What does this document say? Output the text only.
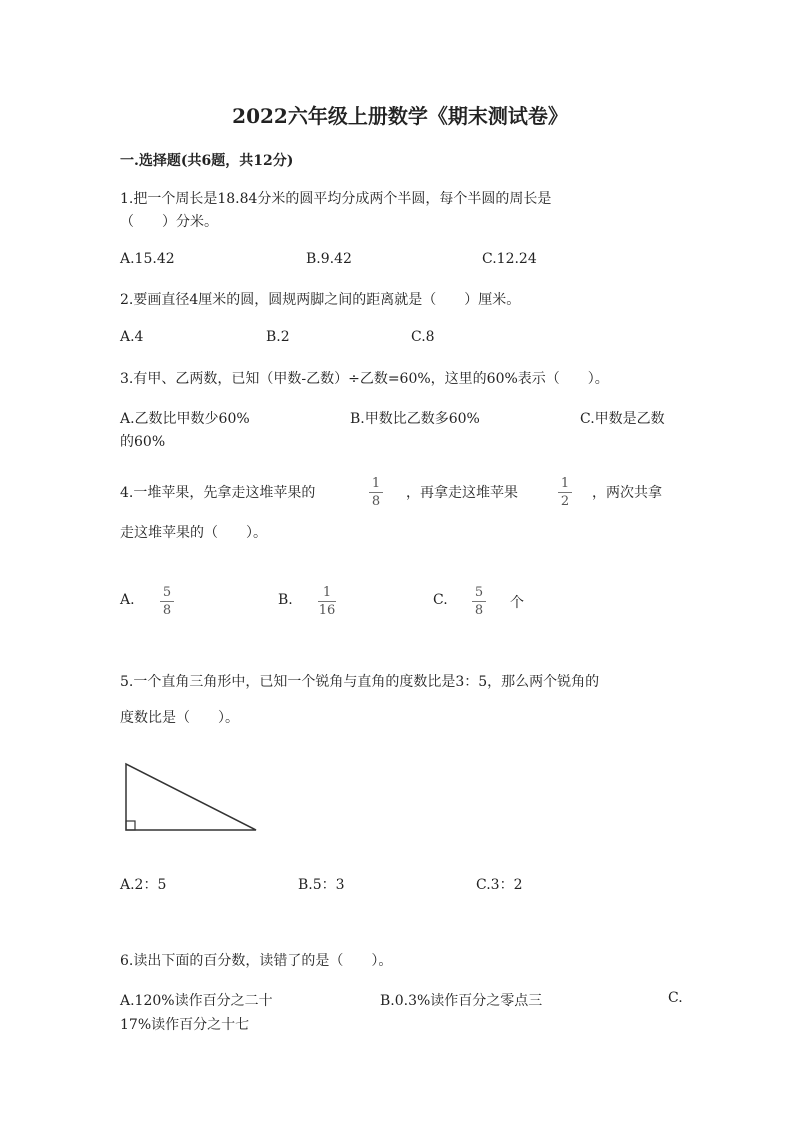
2022六年级上册数学《期末测试卷》
一.选择题(共6题，共12分)
1.把一个周长是18.84分米的圆平均分成两个半圆，每个半圆的周长是
（　　）分米。
A.15.42	B.9.42	C.12.24
2.要画直径4厘米的圆，圆规两脚之间的距离就是（　　）厘米。
A.4	B.2	C.8
3.有甲、乙两数，已知（甲数-乙数）÷乙数=60%，这里的60%表示（　　）。
A.乙数比甲数少60%	B.甲数比乙数多60%	C.甲数是乙数
的60%
4.一堆苹果，先拿走这堆苹果的
1
8
，再拿走这堆苹果
1
2
，两次共拿
走这堆苹果的（　　）。
A. 5
8
B. 1
16
C. 5
8 个
5.一个直角三角形中，已知一个锐角与直角的度数比是3：5，那么两个锐角的
度数比是（　　）。
A.2：5	B.5：3	C.3：2
6.读出下面的百分数，读错了的是（　　）。
A.120%读作百分之二十	B.0.3%读作百分之零点三	C.
17%读作百分之十七
